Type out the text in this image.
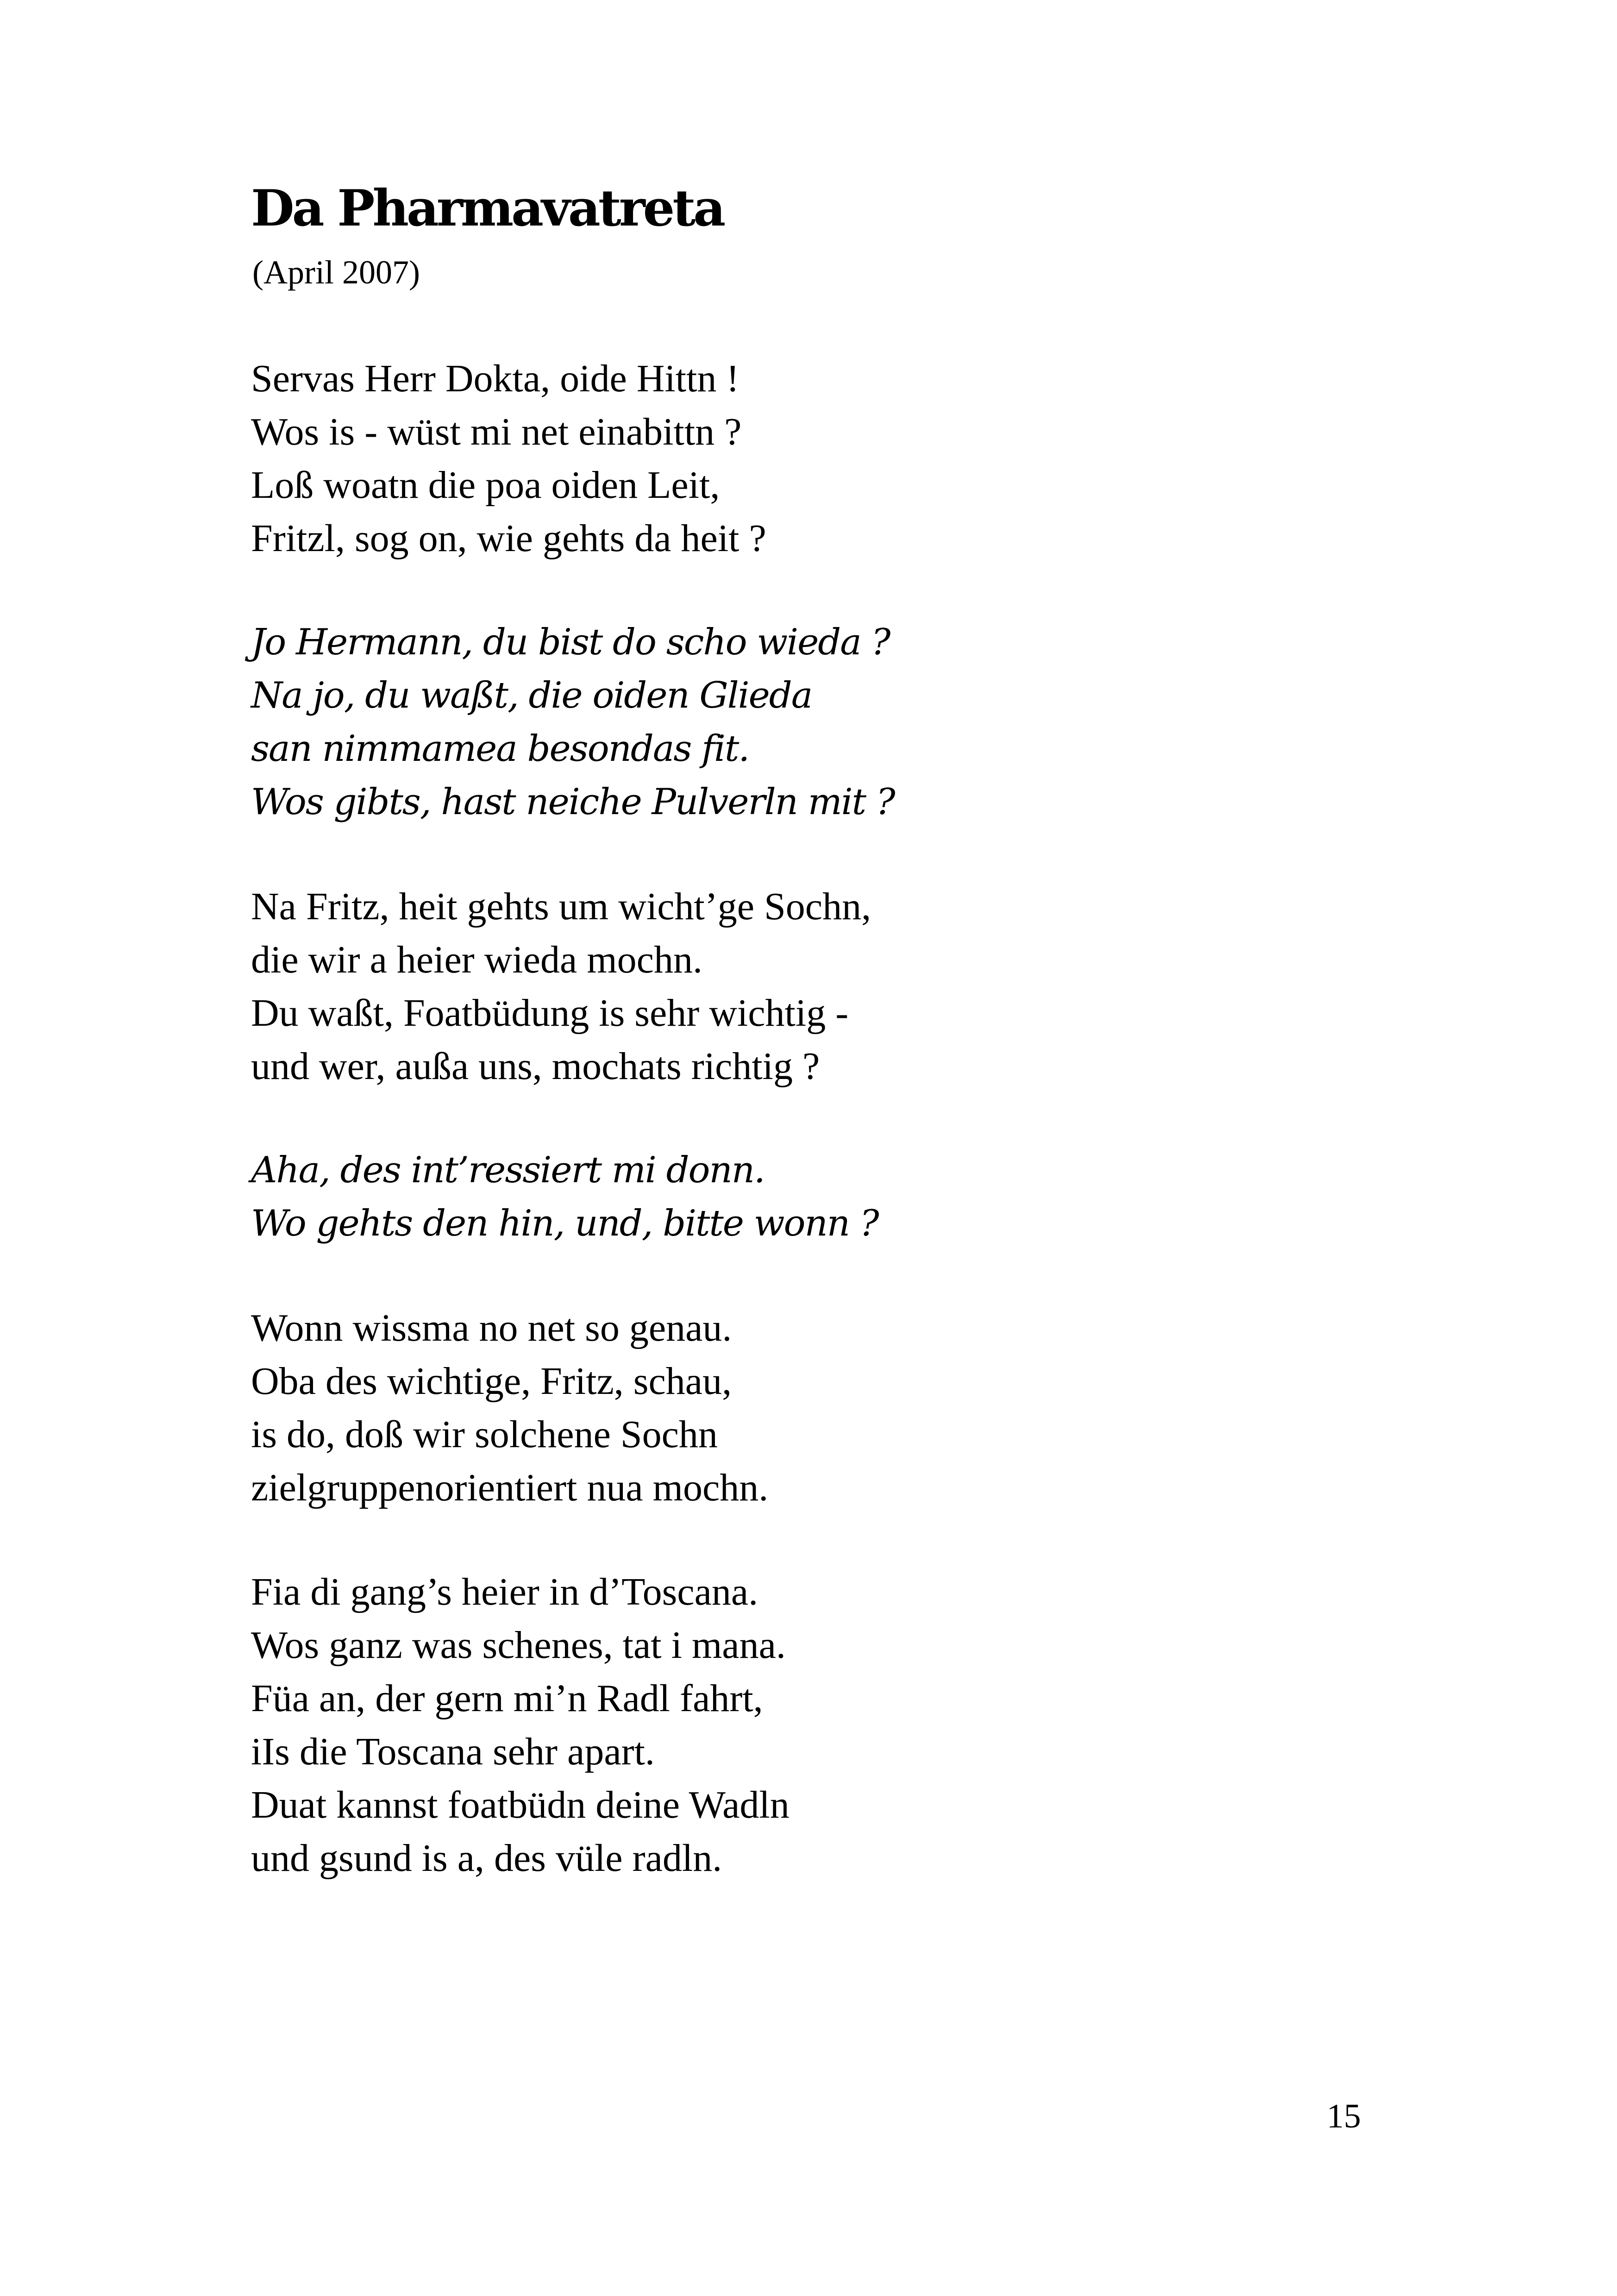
Da Pharmavatreta
(April 2007)
Servas Herr Dokta, oide Hittn !
Wos is - wüst mi net einabittn ?
Loß woatn die poa oiden Leit,
Fritzl, sog on, wie gehts da heit ?
Jo Hermann, du bist do scho wieda ?
Na jo, du waßt, die oiden Glieda
san nimmamea besondas fit.
Wos gibts, hast neiche Pulverln mit ?
Na Fritz, heit gehts um wicht’ge Sochn,
die wir a heier wieda mochn.
Du waßt, Foatbüdung is sehr wichtig -
und wer, außa uns, mochats richtig ?
Aha, des int’ressiert mi donn.
Wo gehts den hin, und, bitte wonn ?
Wonn wissma no net so genau.
Oba des wichtige, Fritz, schau,
is do, doß wir solchene Sochn
zielgruppenorientiert nua mochn.
Fia di gang’s heier in d’Toscana.
Wos ganz was schenes, tat i mana.
Füa an, der gern mi’n Radl fahrt,
iIs die Toscana sehr apart.
Duat kannst foatbüdn deine Wadln
und gsund is a, des vüle radln.
15
